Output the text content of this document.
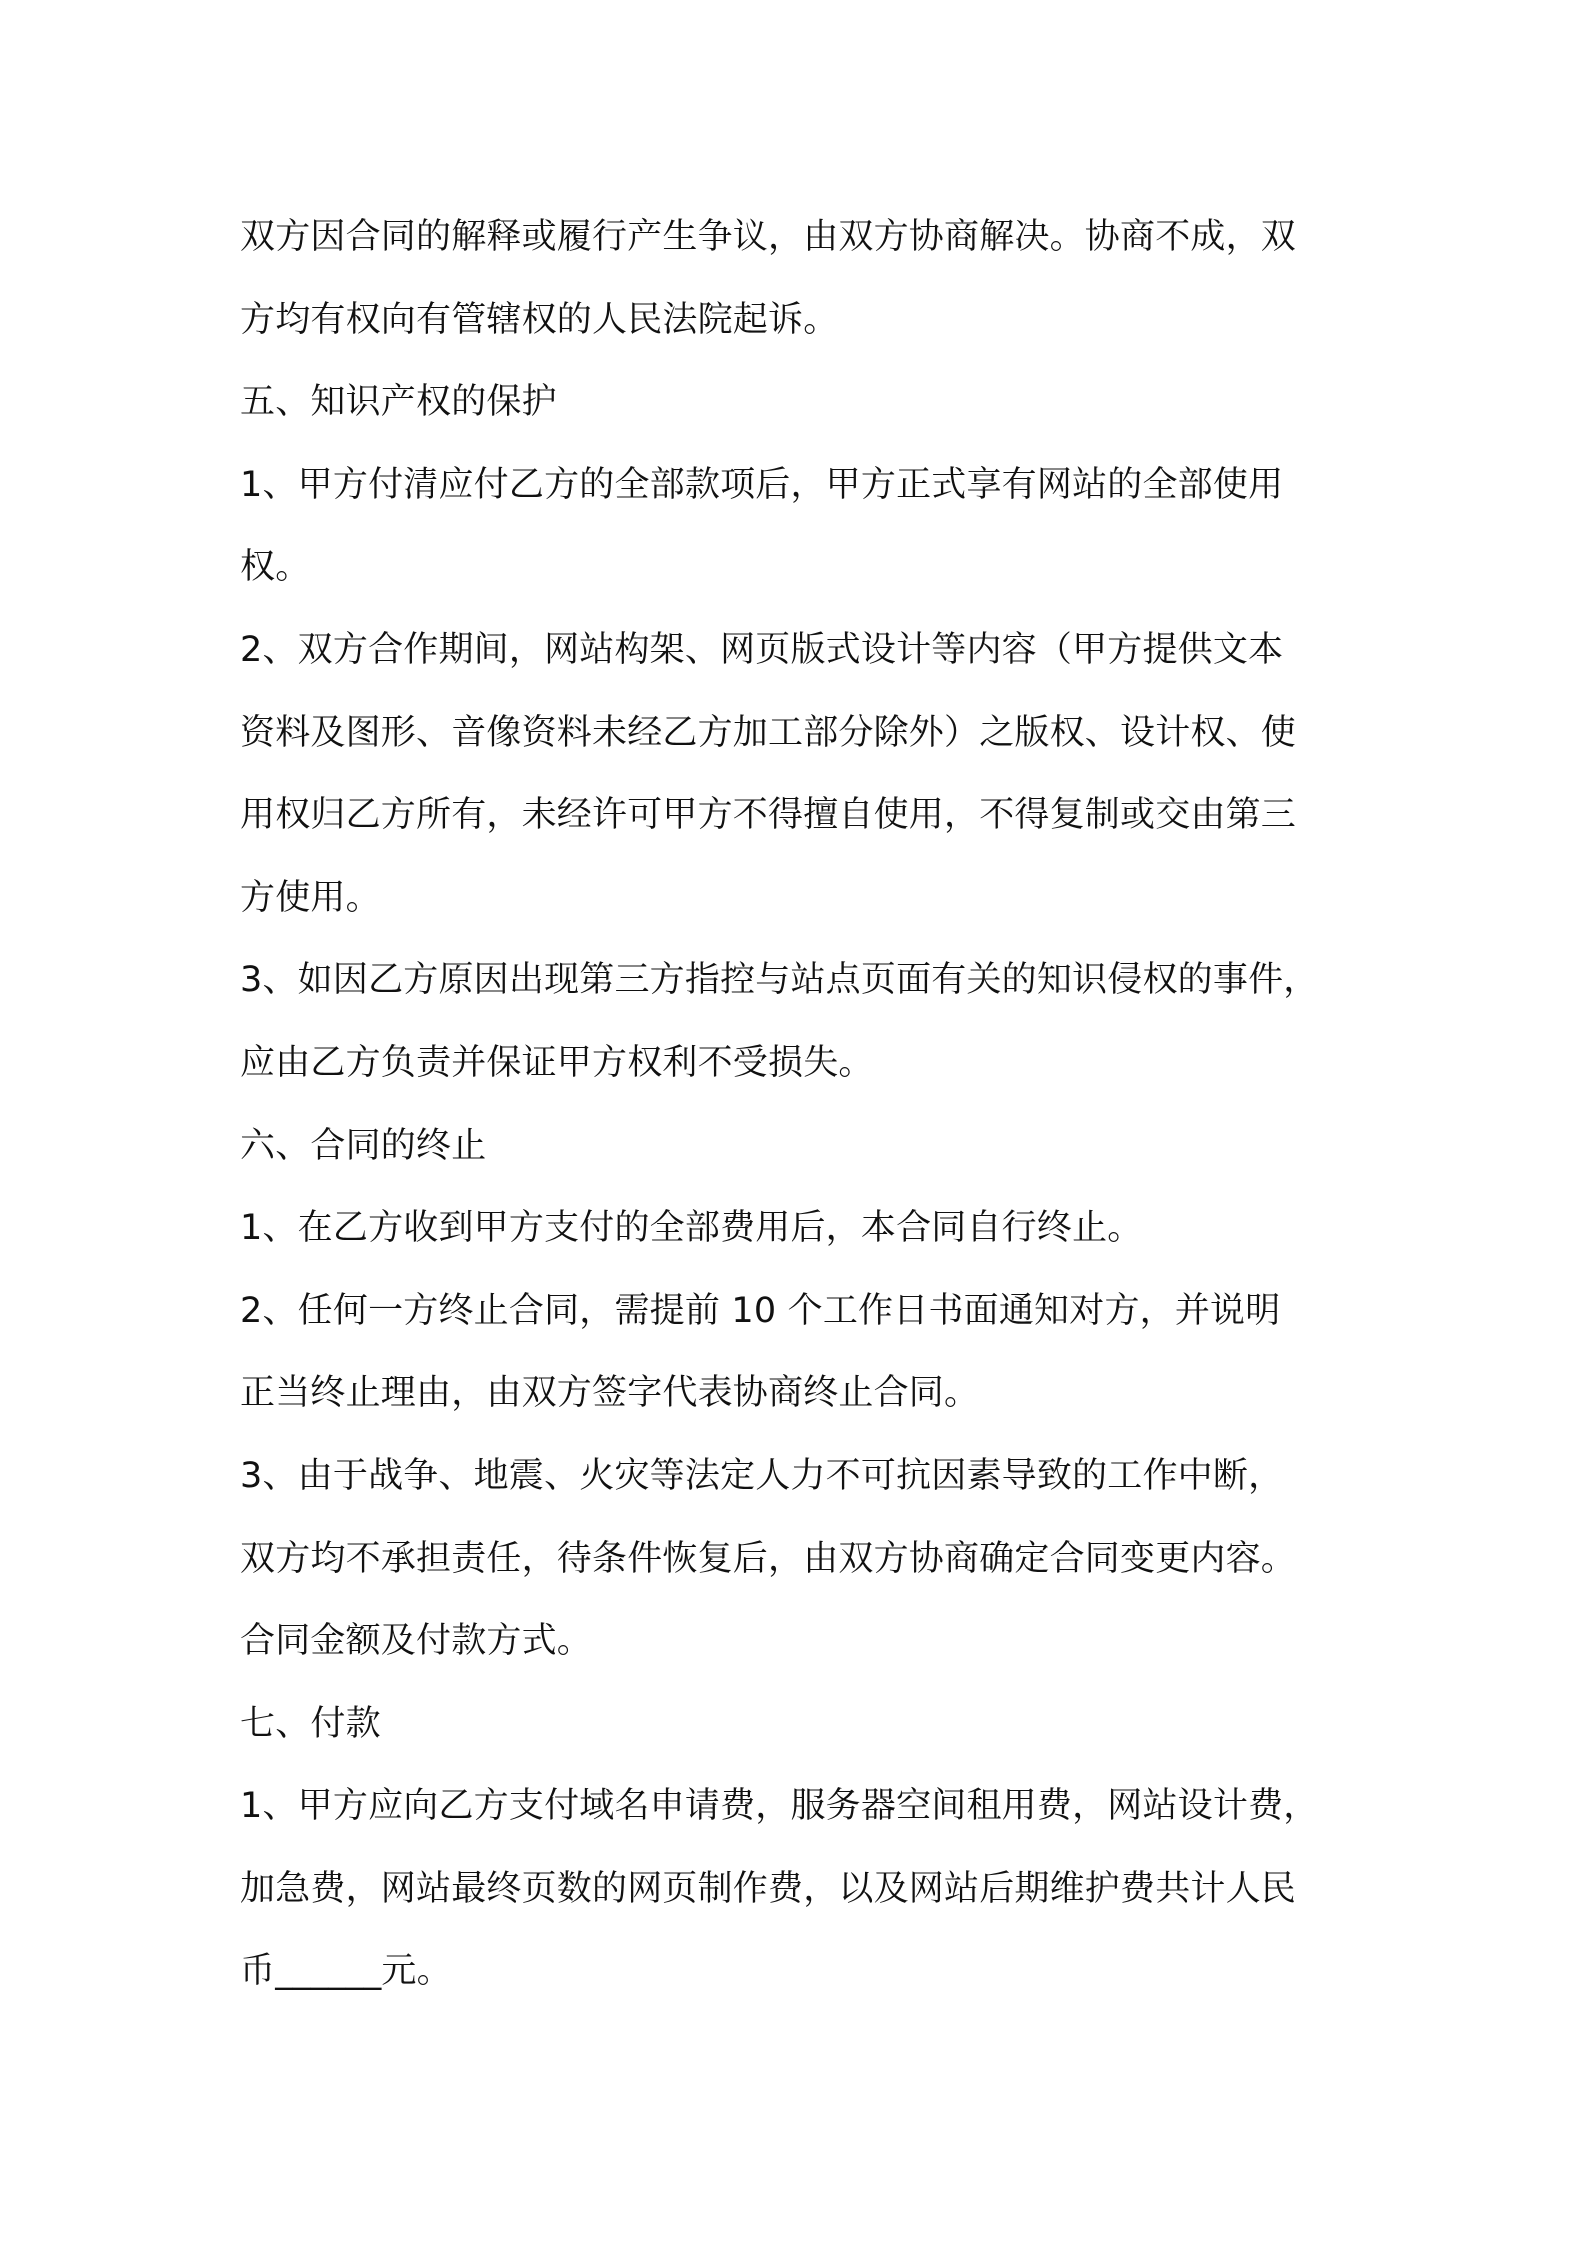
双方因合同的解释或履行产生争议，由双方协商解决。协商不成，双
方均有权向有管辖权的人民法院起诉。
五、知识产权的保护
1、甲方付清应付乙方的全部款项后，甲方正式享有网站的全部使用
权。
2、双方合作期间，网站构架、网页版式设计等内容（甲方提供文本
资料及图形、音像资料未经乙方加工部分除外）之版权、设计权、使
用权归乙方所有，未经许可甲方不得擅自使用，不得复制或交由第三
方使用。
3、如因乙方原因出现第三方指控与站点页面有关的知识侵权的事件，
应由乙方负责并保证甲方权利不受损失。
六、合同的终止
1、在乙方收到甲方支付的全部费用后，本合同自行终止。
2、任何一方终止合同，需提前 10 个工作日书面通知对方，并说明
正当终止理由，由双方签字代表协商终止合同。
3、由于战争、地震、火灾等法定人力不可抗因素导致的工作中断，
双方均不承担责任，待条件恢复后，由双方协商确定合同变更内容。
合同金额及付款方式。
七、付款
1、甲方应向乙方支付域名申请费，服务器空间租用费，网站设计费，
加急费，网站最终页数的网页制作费，以及网站后期维护费共计人民
币______元。
